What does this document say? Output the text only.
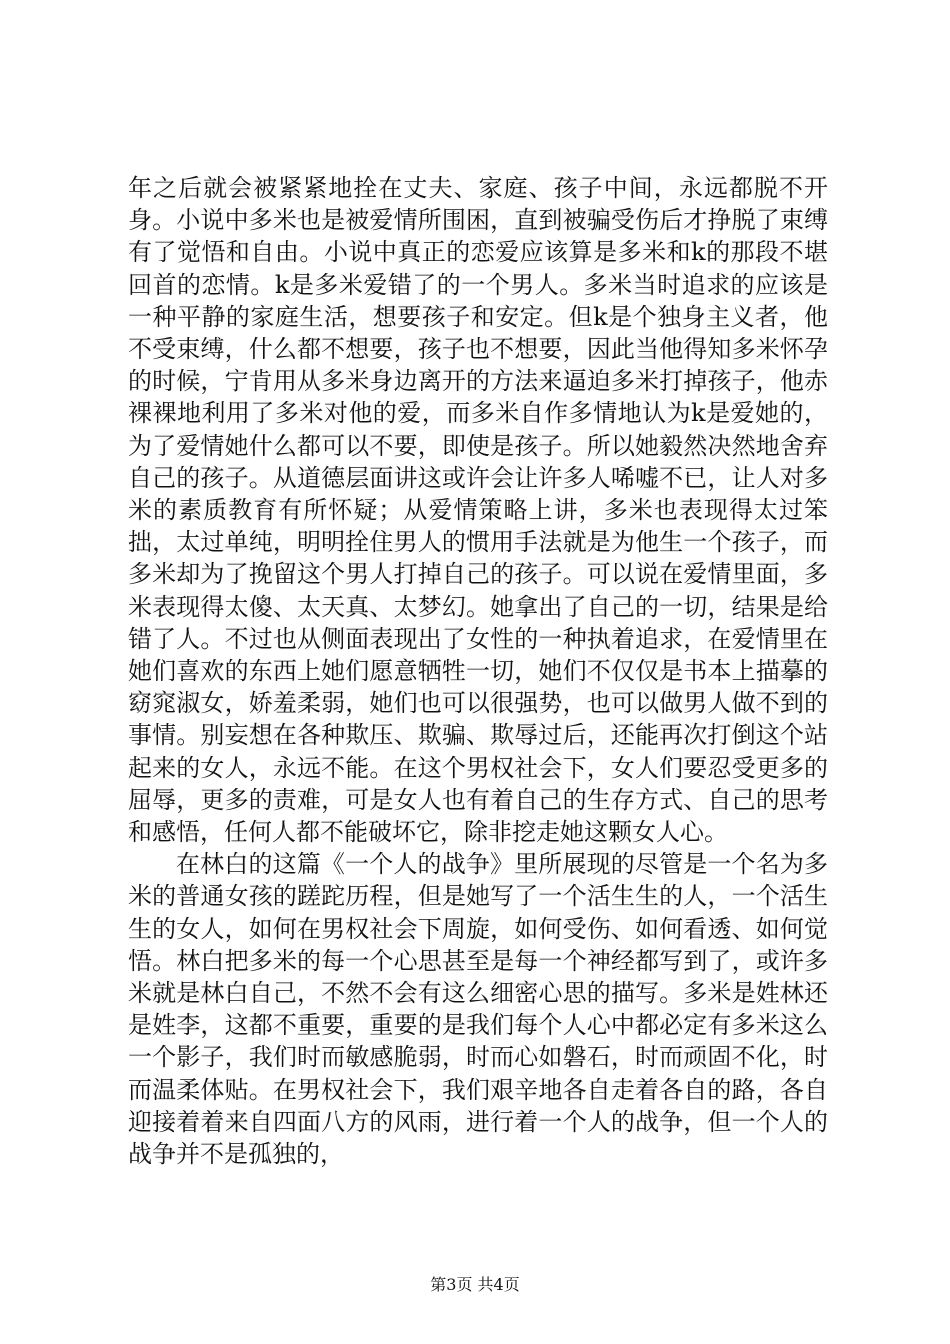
年之后就会被紧紧地拴在丈夫、家庭、孩子中间，永远都脱不开身。小说中多米也是被爱情所围困，直到被骗受伤后才挣脱了束缚有了觉悟和自由。小说中真正的恋爱应该算是多米和k的那段不堪回首的恋情。k是多米爱错了的一个男人。多米当时追求的应该是一种平静的家庭生活，想要孩子和安定。但k是个独身主义者，他不受束缚，什么都不想要，孩子也不想要，因此当他得知多米怀孕的时候，宁肯用从多米身边离开的方法来逼迫多米打掉孩子，他赤裸裸地利用了多米对他的爱，而多米自作多情地认为k是爱她的，为了爱情她什么都可以不要，即使是孩子。所以她毅然决然地舍弃自己的孩子。从道德层面讲这或许会让许多人唏嘘不已，让人对多米的素质教育有所怀疑；从爱情策略上讲，多米也表现得太过笨拙，太过单纯，明明拴住男人的惯用手法就是为他生一个孩子，而多米却为了挽留这个男人打掉自己的孩子。可以说在爱情里面，多米表现得太傻、太天真、太梦幻。她拿出了自己的一切，结果是给错了人。不过也从侧面表现出了女性的一种执着追求，在爱情里在她们喜欢的东西上她们愿意牺牲一切，她们不仅仅是书本上描摹的窈窕淑女，娇羞柔弱，她们也可以很强势，也可以做男人做不到的事情。别妄想在各种欺压、欺骗、欺辱过后，还能再次打倒这个站起来的女人，永远不能。在这个男权社会下，女人们要忍受更多的屈辱，更多的责难，可是女人也有着自己的生存方式、自己的思考和感悟，任何人都不能破坏它，除非挖走她这颗女人心。

在林白的这篇《一个人的战争》里所展现的尽管是一个名为多米的普通女孩的蹉跎历程，但是她写了一个活生生的人，一个活生生的女人，如何在男权社会下周旋，如何受伤、如何看透、如何觉悟。林白把多米的每一个心思甚至是每一个神经都写到了，或许多米就是林白自己，不然不会有这么细密心思的描写。多米是姓林还是姓李，这都不重要，重要的是我们每个人心中都必定有多米这么一个影子，我们时而敏感脆弱，时而心如磐石，时而顽固不化，时而温柔体贴。在男权社会下，我们艰辛地各自走着各自的路，各自迎接着着来自四面八方的风雨，进行着一个人的战争，但一个人的战争并不是孤独的，

第3页 共4页
